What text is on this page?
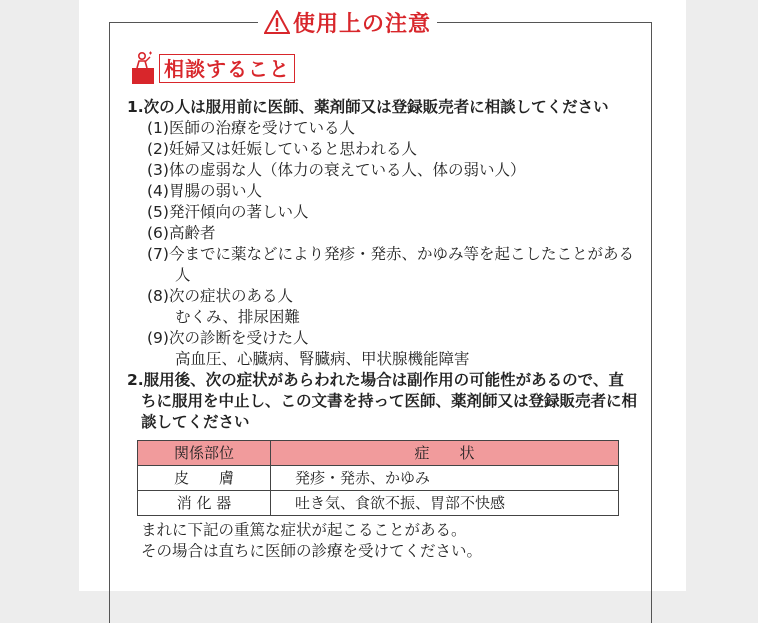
使用上の注意
相談すること
1.次の人は服用前に医師、薬剤師又は登録販売者に相談してください
(1)医師の治療を受けている人
(2)妊婦又は妊娠していると思われる人
(3)体の虚弱な人（体力の衰えている人、体の弱い人）
(4)胃腸の弱い人
(5)発汗傾向の著しい人
(6)高齢者
(7)今までに薬などにより発疹・発赤、かゆみ等を起こしたことがある人
(8)次の症状のある人
むくみ、排尿困難
(9)次の診断を受けた人
高血圧、心臓病、腎臓病、甲状腺機能障害
2.服用後、次の症状があらわれた場合は副作用の可能性があるので、直ちに服用を中止し、この文書を持って医師、薬剤師又は登録販売者に相談してください
関係部位	症　　状
皮　　膚	発疹・発赤、かゆみ
消 化 器	吐き気、食欲不振、胃部不快感
まれに下記の重篤な症状が起こることがある。
その場合は直ちに医師の診療を受けてください。
